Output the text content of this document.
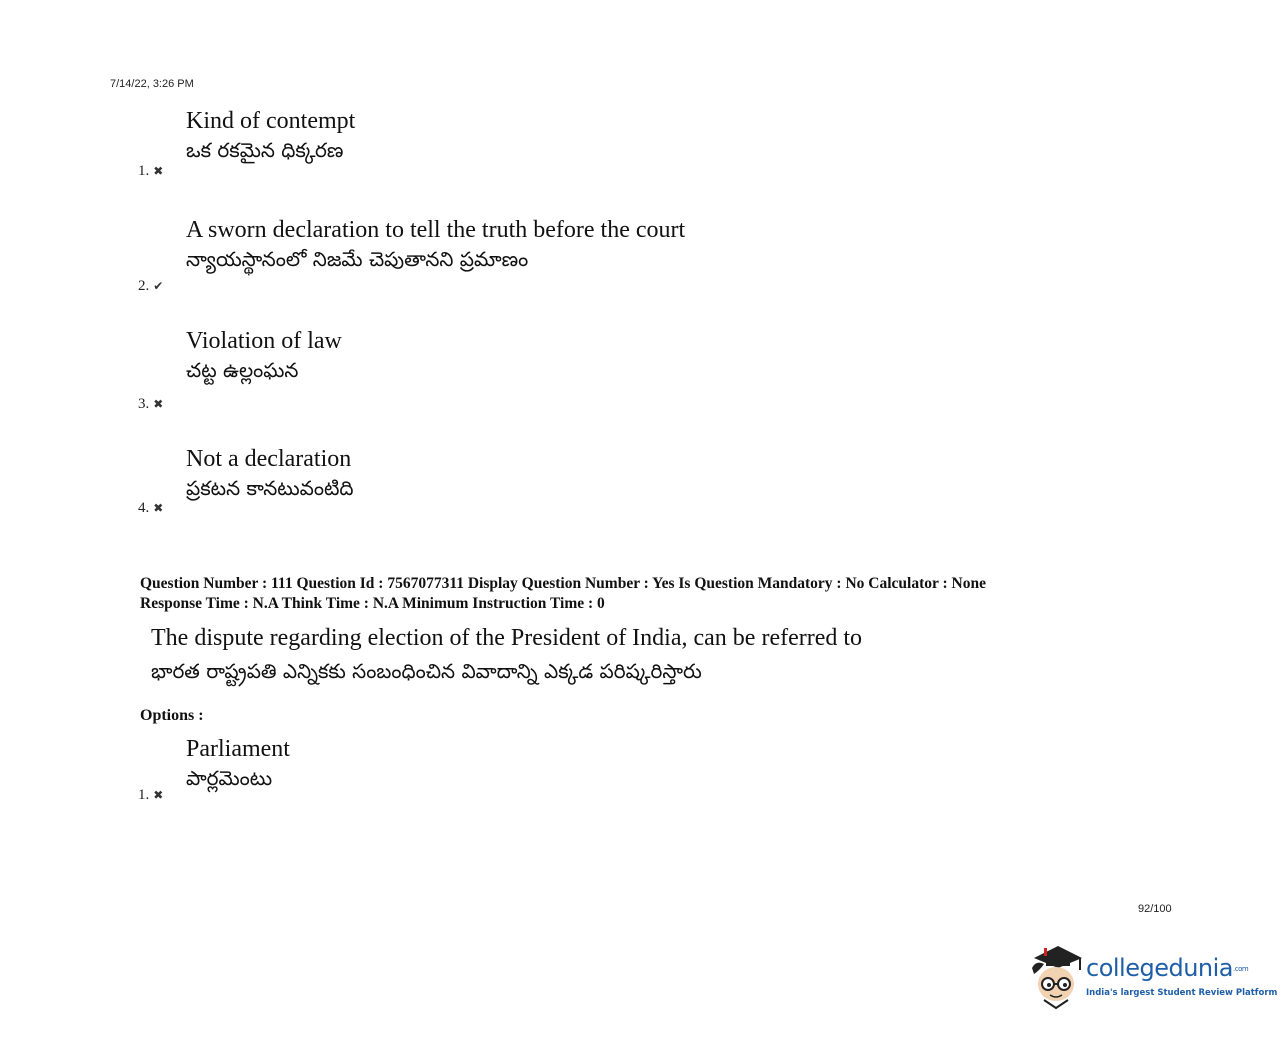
7/14/22, 3:26 PM
Kind of contempt
ఒక రకమైన ధిక్కరణ
1. ✖
A sworn declaration to tell the truth before the court
న్యాయస్థానంలో నిజమే చెపుతానని ప్రమాణం
2. ✔
Violation of law
చట్ట ఉల్లంఘన
3. ✖
Not a declaration
ప్రకటన కానటువంటిది
4. ✖
Question Number : 111 Question Id : 7567077311 Display Question Number : Yes Is Question Mandatory : No Calculator : None
Response Time : N.A Think Time : N.A Minimum Instruction Time : 0
The dispute regarding election of the President of India, can be referred to
భారత రాష్ట్రపతి ఎన్నికకు సంబంధించిన వివాదాన్ని ఎక్కడ పరిష్కరిస్తారు
Options :
Parliament
పార్లమెంటు
1. ✖
92/100
collegedunia.com
India's largest Student Review Platform
